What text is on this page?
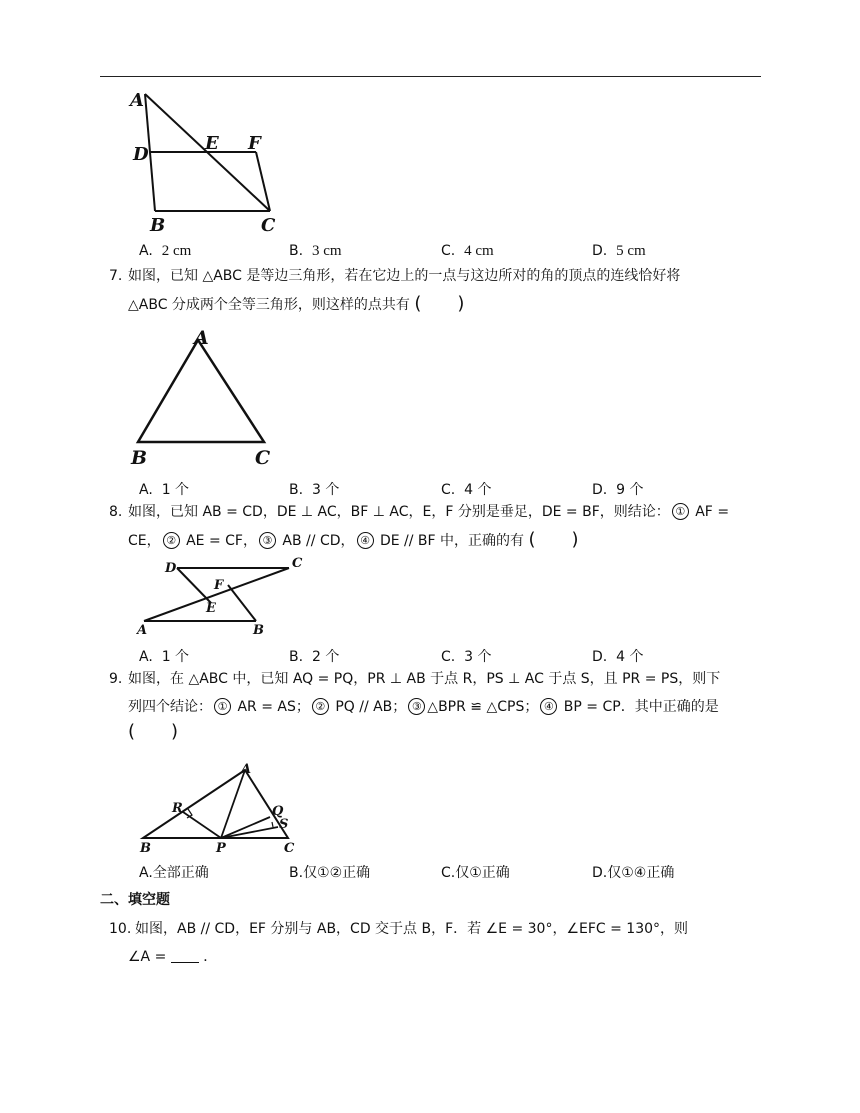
A
D
E F
B	C
A. 2 cm	B. 3 cm	C. 4 cm	D. 5 cm
7. 如图，已知 △ABC 是等边三角形，若在它边上的一点与这边所对的角的顶点的连线恰好将
△ABC 分成两个全等三角形，则这样的点共有 (　　)
A
B	C
A. 1 个	B. 3 个	C. 4 个	D. 9 个
8. 如图，已知 AB = CD，DE ⊥ AC，BF ⊥ AC，E，F 分别是垂足，DE = BF，则结论： ① AF =
CE， ② AE = CF， ③ AB // CD， ④ DE // BF 中，正确的有 (　　)
D	C
F
E
A	B
A. 1 个	B. 2 个	C. 3 个	D. 4 个
9. 如图，在 △ABC 中，已知 AQ = PQ，PR ⊥ AB 于点 R，PS ⊥ AC 于点 S，且 PR = PS，则下
列四个结论： ① AR = AS； ② PQ // AB； ③ △BPR ≌ △CPS； ④ BP = CP．其中正确的是
(　　)
A
R	Q
S
B	P	C
A.全部正确	B.仅①②正确	C.仅①正确	D.仅①④正确
二、填空题
10. 如图，AB // CD，EF 分别与 AB，CD 交于点 B，F．若 ∠E = 30°，∠EFC = 130°，则
∠A =	．
